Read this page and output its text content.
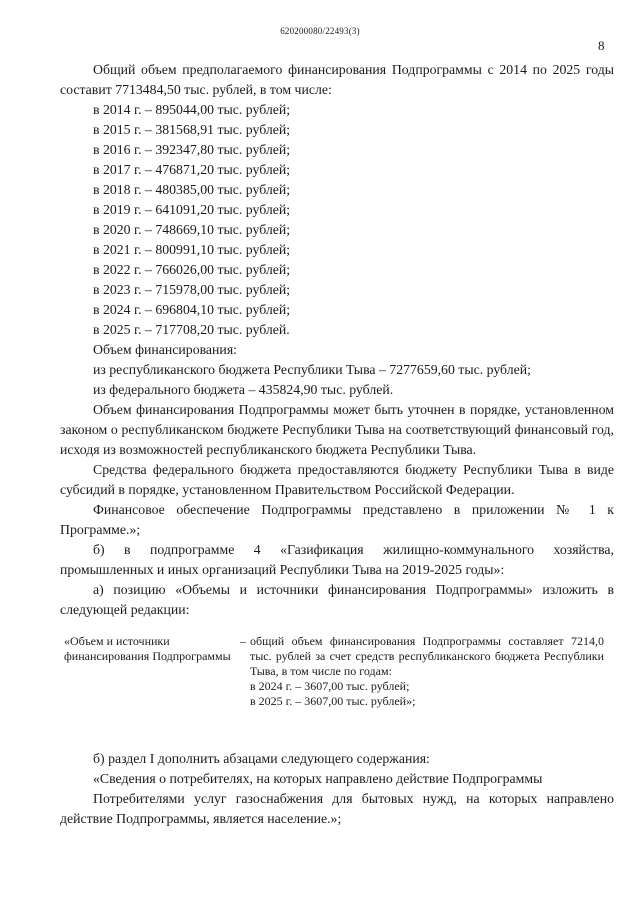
620200080/22493(3)
8

Общий объем предполагаемого финансирования Подпрограммы с 2014 по 2025 годы составит 7713484,50 тыс. рублей, в том числе:

в 2014 г. – 895044,00 тыс. рублей;

в 2015 г. – 381568,91 тыс. рублей;

в 2016 г. – 392347,80 тыс. рублей;

в 2017 г. – 476871,20 тыс. рублей;

в 2018 г. – 480385,00 тыс. рублей;

в 2019 г. – 641091,20 тыс. рублей;

в 2020 г. – 748669,10 тыс. рублей;

в 2021 г. – 800991,10 тыс. рублей;

в 2022 г. – 766026,00 тыс. рублей;

в 2023 г. – 715978,00 тыс. рублей;

в 2024 г. – 696804,10 тыс. рублей;

в 2025 г. – 717708,20 тыс. рублей.

Объем финансирования:

из республиканского бюджета Республики Тыва – 7277659,60 тыс. рублей;

из федерального бюджета – 435824,90 тыс. рублей.

Объем финансирования Подпрограммы может быть уточнен в порядке, установленном законом о республиканском бюджете Республики Тыва на соответствующий финансовый год, исходя из возможностей республиканского бюджета Республики Тыва.

Средства федерального бюджета предоставляются бюджету Республики Тыва в виде субсидий в порядке, установленном Правительством Российской Федерации.

Финансовое обеспечение Подпрограммы представлено в приложении № 1 к Программе.»;

б) в подпрограмме 4 «Газификация жилищно-коммунального хозяйства, промышленных и иных организаций Республики Тыва на 2019-2025 годы»:

а) позицию «Объемы и источники финансирования Подпрограммы» изложить в следующей редакции:

«Объем и источники финансирования Подпрограммы
– общий объем финансирования Подпрограммы составляет 7214,0 тыс. рублей за счет средств республиканского бюджета Республики Тыва, в том числе по годам:
в 2024 г. – 3607,00 тыс. рублей;
в 2025 г. – 3607,00 тыс. рублей»;

б) раздел I дополнить абзацами следующего содержания:

«Сведения о потребителях, на которых направлено действие Подпрограммы

Потребителями услуг газоснабжения для бытовых нужд, на которых направлено действие Подпрограммы, является население.»;
